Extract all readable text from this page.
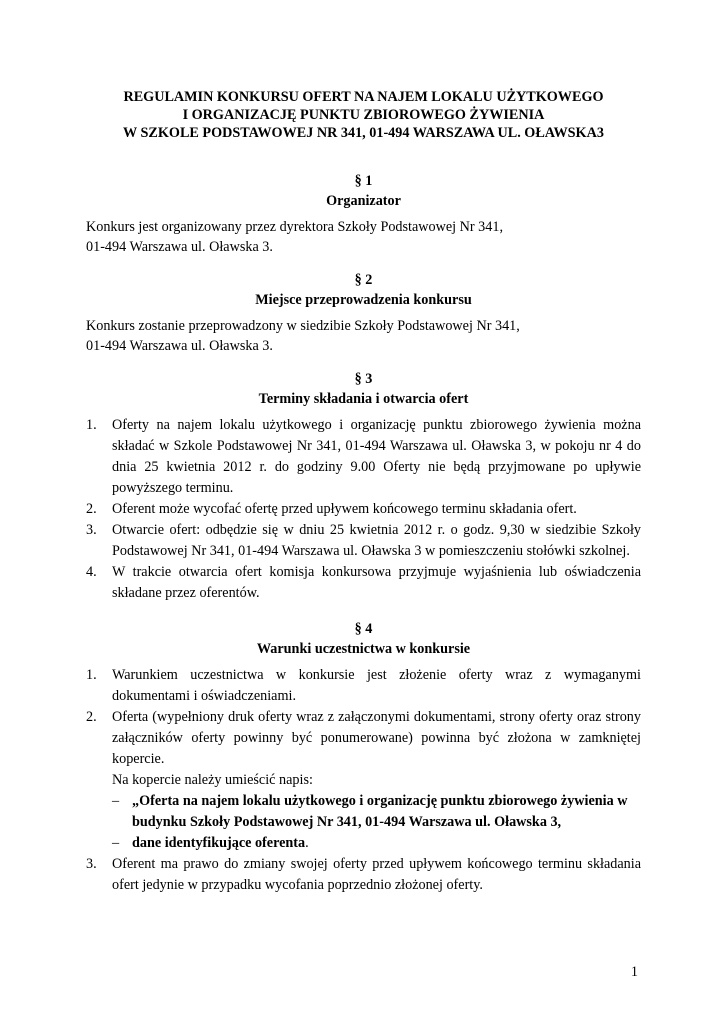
REGULAMIN KONKURSU OFERT NA NAJEM LOKALU UŻYTKOWEGO
I ORGANIZACJĘ PUNKTU ZBIOROWEGO ŻYWIENIA
W SZKOLE PODSTAWOWEJ NR 341, 01-494 WARSZAWA UL. OŁAWSKA3

§ 1

Organizator

Konkurs jest organizowany przez dyrektora Szkoły Podstawowej Nr 341,

01-494 Warszawa ul. Oławska 3.

§ 2

Miejsce przeprowadzenia konkursu

Konkurs zostanie przeprowadzony w siedzibie Szkoły Podstawowej Nr 341,

01-494 Warszawa ul. Oławska 3.

§ 3

Terminy składania i otwarcia ofert

1. Oferty na najem lokalu użytkowego i organizację punktu zbiorowego żywienia można składać w Szkole Podstawowej Nr 341, 01-494 Warszawa ul. Oławska 3, w pokoju nr 4 do dnia 25 kwietnia 2012 r. do godziny 9.00 Oferty nie będą przyjmowane po upływie powyższego terminu.
2. Oferent może wycofać ofertę przed upływem końcowego terminu składania ofert.
3. Otwarcie ofert: odbędzie się w dniu 25 kwietnia 2012 r. o godz. 9,30 w siedzibie Szkoły Podstawowej Nr 341, 01-494 Warszawa ul. Oławska 3 w pomieszczeniu stołówki szkolnej.
4. W trakcie otwarcia ofert komisja konkursowa przyjmuje wyjaśnienia lub oświadczenia składane przez oferentów.

§ 4

Warunki uczestnictwa w konkursie

1. Warunkiem uczestnictwa w konkursie jest złożenie oferty wraz z wymaganymi dokumentami i oświadczeniami.
2. Oferta (wypełniony druk oferty wraz z załączonymi dokumentami, strony oferty oraz strony załączników oferty powinny być ponumerowane) powinna być złożona w zamkniętej kopercie.
Na kopercie należy umieścić napis:
– „Oferta na najem lokalu użytkowego i organizację punktu zbiorowego żywienia w budynku Szkoły Podstawowej Nr 341, 01-494 Warszawa ul. Oławska 3,
– dane identyfikujące oferenta.
3. Oferent ma prawo do zmiany swojej oferty przed upływem końcowego terminu składania ofert jedynie w przypadku wycofania poprzednio złożonej oferty.
1
